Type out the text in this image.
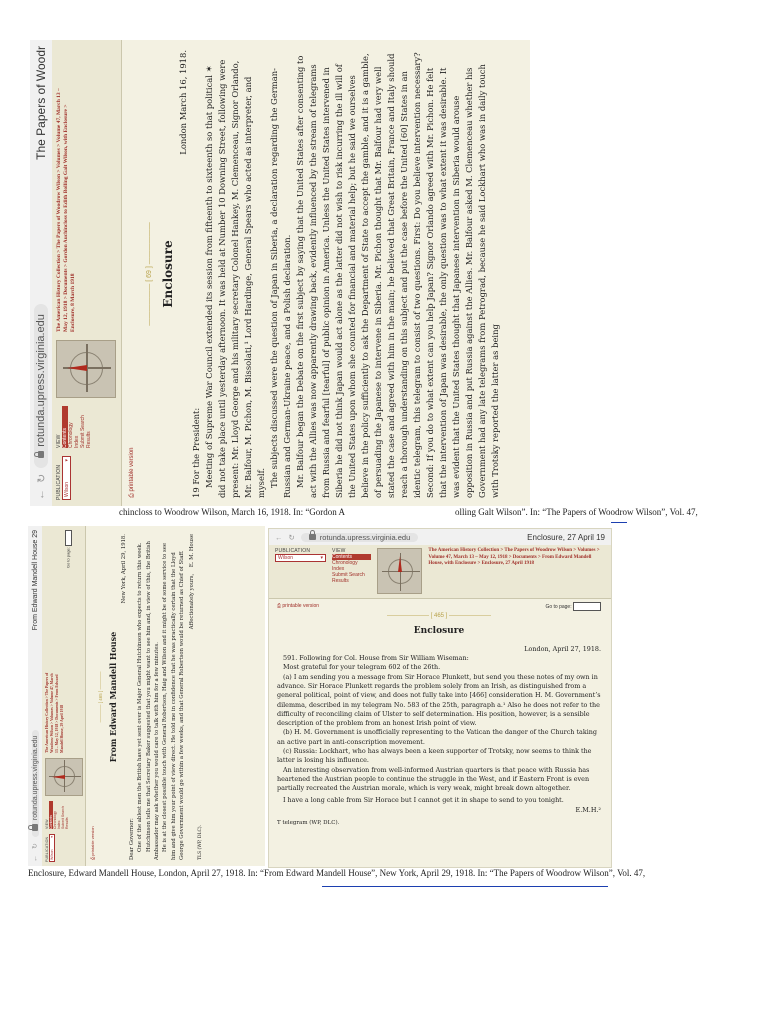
←
↻
rotunda.upress.virginia.edu
The Papers of Woodr
PUBLICATION Wilson
▾
VIEW Contents Chronology Index Submit Search Results
The American History Collection > The Papers of Woodrow Wilson > Volumes > Volume 47, March 13 – May 12, 1918 > Documents > Gordon Auchincloss to Edith Bolling Galt Wilson, with Enclosure > Enclosure, 8 March 1918
⎙ printable version
—————— [ 69 ] —————— Enclosure
London March 16, 1918.
19 For the President: Meeting of Supreme War Council extended its session from fifteenth to sixteenth so that political ✶ did not take place until yesterday afternoon. It was held at Number 10 Downing Street, following were present: Mr. Lloyd George and his military secretary Colonel Hankey, M. Clemenceau, Signor Orlando, Mr. Balfour, M. Pichon, M. Bissolati,¹ Lord Hardinge, General Spears who acted as interpreter, and myself. The subjects discussed were the question of Japan in Siberia, a declaration regarding the German-Russian and German-Ukraine peace, and a Polish declaration. Mr. Balfour began the Debate on the first subject by saying that the United States after consenting to act with the Allies was now apparently drawing back, evidently influenced by the stream of telegrams from Russia and fearful [tearful] of public opinion in America. Unless the United States intervened in Siberia he did not think Japan would act alone as the latter did not wish to risk incurring the ill will of the United States upon whom she counted for financial and material help; but he said we ourselves believe in the policy sufficiently to ask the Department of State to accept the gamble, and it is a gamble, of persuading the Japanese to intervene in Siberia. Mr. Pichon thought that Mr. Balfour had very well stated the case and agreed with him in the main; he believed that Great Britain, France and Italy should reach a thorough understanding on this subject and put the case before the United [60] States in an identic telegram, this telegram to consist of two questions. First: Do you believe intervention necessary? Second: If you do to what extent can you help Japan? Signor Orlando agreed with Mr. Pichon. He felt that the intervention of Japan was desirable, the only question was to what extent it was desirable. It was evident that the United States thought that Japanese intervention in Siberia would arouse opposition in Russia and put Russia against the Allies. Mr. Balfour asked M. Clemenceau whether his Government had any late telegrams from Petrograd, because he said Lockhart who was in daily touch with Trotsky reported the latter as being

chincloss to Woodrow Wilson, March 16, 1918. In: “Gordon A	olling Galt Wilson”. In: “The Papers of Woodrow Wilson”, Vol. 47,
←
↻
rotunda.upress.virginia.edu
From Edward Mandell House 29
PUBLICATION Wilson
▾
VIEW Contents Chronology Index Submit Search Results
The American History Collection > The Papers of Woodrow Wilson > Volumes > Volume 47, March 13 – May 12, 1918 > Documents > From Edward Mandell House, 29 April 1918
Go to page:
⎙ printable version
———— [ 465 ] ———— From Edward Mandell House
New York, April 29, 1918.
Dear Governor: One of the ablest men the British have yet sent over is Major General Hutchinson who expects to return this week. Hutchinson tells me that Secretary Baker suggested that you might want to see him and, in view of this, the British Ambassador may ask whether you would care to talk with him for a few minutes. He is at the closest possible touch with General Robertson, Haig and Wilson and it might be of some service to see him and give him your point of view direct. He told me in confidence that he was practically certain that the Lloyd George Government would go within a few weeks, and that General Robertson would be returned as Chief of Staff. Affectionately yours,    E. M. House
TLS (WP, DLC).
← ↻	rotunda.upress.virginia.edu	Enclosure, 27 April 19
PUBLICATION
Wilson	▾
VIEW
Contents
Chronology
Index
Submit Search
Results
The American History Collection > The Papers of Woodrow Wilson > Volumes > Volume 47, March 13 – May 12, 1918 > Documents > From Edward Mandell House, with Enclosure > Enclosure, 27 April 1918
⎙ printable version	Go to page:
——————— [ 465 ] ———————
Enclosure
London, April 27, 1918.

591. Following for Col. House from Sir William Wiseman:

Most grateful for your telegram 602 of the 26th.

(a) I am sending you a message from Sir Horace Plunkett, but send you these notes of my own in advance. Sir Horace Plunkett regards the problem solely from an Irish, as distinguished from a general political, point of view, and does not fully take into [466] consideration H. M. Government’s dilemma, described in my telegram No. 583 of the 25th, paragraph a.¹ Also he does not refer to the difficulty of reconciling claim of Ulster to self determination. His position, however, is a sensible description of the problem from an honest Irish point of view.

(b) H. M. Government is unofficially representing to the Vatican the danger of the Church taking an active part in anti-conscription movement.

(c) Russia: Lockhart, who has always been a keen supporter of Trotsky, now seems to think the latter is losing his influence.

An interesting observation from well-informed Austrian quarters is that peace with Russia has heartened the Austrian people to continue the struggle in the West, and if Eastern Front is even partially recreated the Austrian morale, which is very weak, might break down altogether.

I have a long cable from Sir Horace but I cannot get it in shape to send to you tonight.

E.M.H.²
T telegram (WP, DLC).
Enclosure, Edward Mandell House, London, April 27, 1918. In: “From Edward Mandell House”, New York, April 29, 1918. In: “The Papers of Woodrow Wilson”, Vol. 47,
